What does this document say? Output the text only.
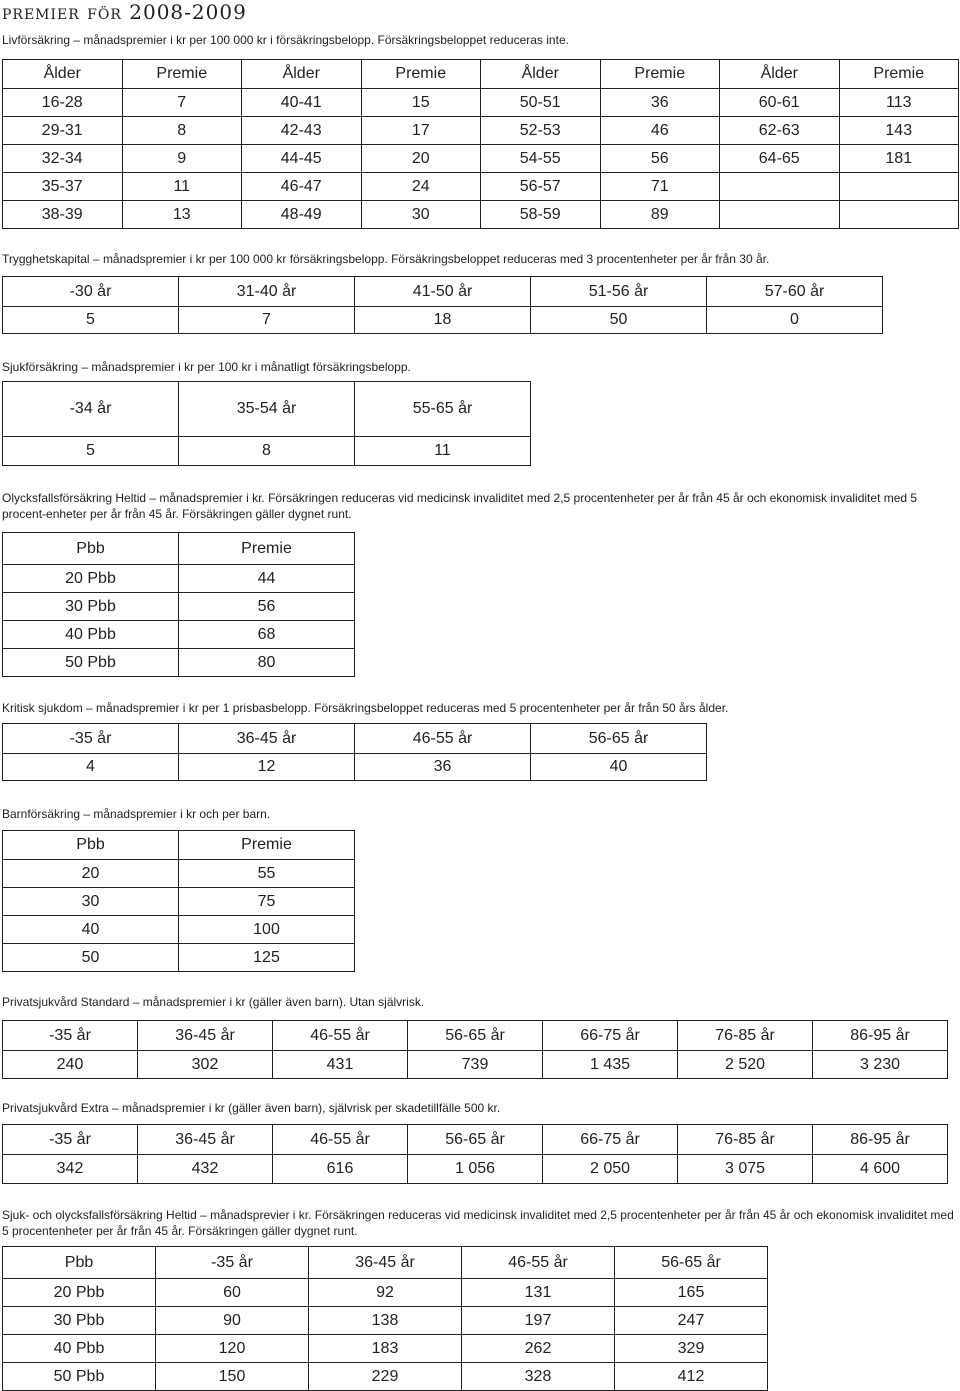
premier för 2008-2009
Livförsäkring – månadspremier i kr per 100 000 kr i försäkringsbelopp. Försäkringsbeloppet reduceras inte.
Ålder	Premie	Ålder	Premie	Ålder	Premie	Ålder	Premie
16-28	7	40-41	15	50-51	36	60-61	113
29-31	8	42-43	17	52-53	46	62-63	143
32-34	9	44-45	20	54-55	56	64-65	181
35-37	11	46-47	24	56-57	71		
38-39	13	48-49	30	58-59	89		
Trygghetskapital – månadspremier i kr per 100 000 kr försäkringsbelopp. Försäkringsbeloppet reduceras med 3 procentenheter per år från 30 år.
-30 år	31-40 år	41-50 år	51-56 år	57-60 år
5	7	18	50	0
Sjukförsäkring – månadspremier i kr per 100 kr i månatligt försäkringsbelopp.
-34 år	35-54 år	55-65 år
5	8	11
Olycksfallsförsäkring Heltid – månadspremier i kr. Försäkringen reduceras vid medicinsk invaliditet med 2,5 procentenheter per år från 45 år och ekonomisk invaliditet med 5 procent-enheter per år från 45 år. Försäkringen gäller dygnet runt.
Pbb	Premie
20 Pbb	44
30 Pbb	56
40 Pbb	68
50 Pbb	80
Kritisk sjukdom – månadspremier i kr per 1 prisbasbelopp. Försäkringsbeloppet reduceras med 5 procentenheter per år från 50 års ålder.
-35 år	36-45 år	46-55 år	56-65 år
4	12	36	40
Barnförsäkring – månadspremier i kr och per barn.
Pbb	Premie
20	55
30	75
40	100
50	125
Privatsjukvård Standard – månadspremier i kr (gäller även barn). Utan självrisk.
-35 år	36-45 år	46-55 år	56-65 år	66-75 år	76-85 år	86-95 år
240	302	431	739	1 435	2 520	3 230
Privatsjukvård Extra – månadspremier i kr (gäller även barn), självrisk per skadetillfälle 500 kr.
-35 år	36-45 år	46-55 år	56-65 år	66-75 år	76-85 år	86-95 år
342	432	616	1 056	2 050	3 075	4 600
Sjuk- och olycksfallsförsäkring Heltid – månadsprevier i kr. Försäkringen reduceras vid medicinsk invaliditet med 2,5 procentenheter per år från 45 år och ekonomisk invaliditet med 5 procentenheter per år från 45 år. Försäkringen gäller dygnet runt.
Pbb	-35 år	36-45 år	46-55 år	56-65 år
20 Pbb	60	92	131	165
30 Pbb	90	138	197	247
40 Pbb	120	183	262	329
50 Pbb	150	229	328	412
